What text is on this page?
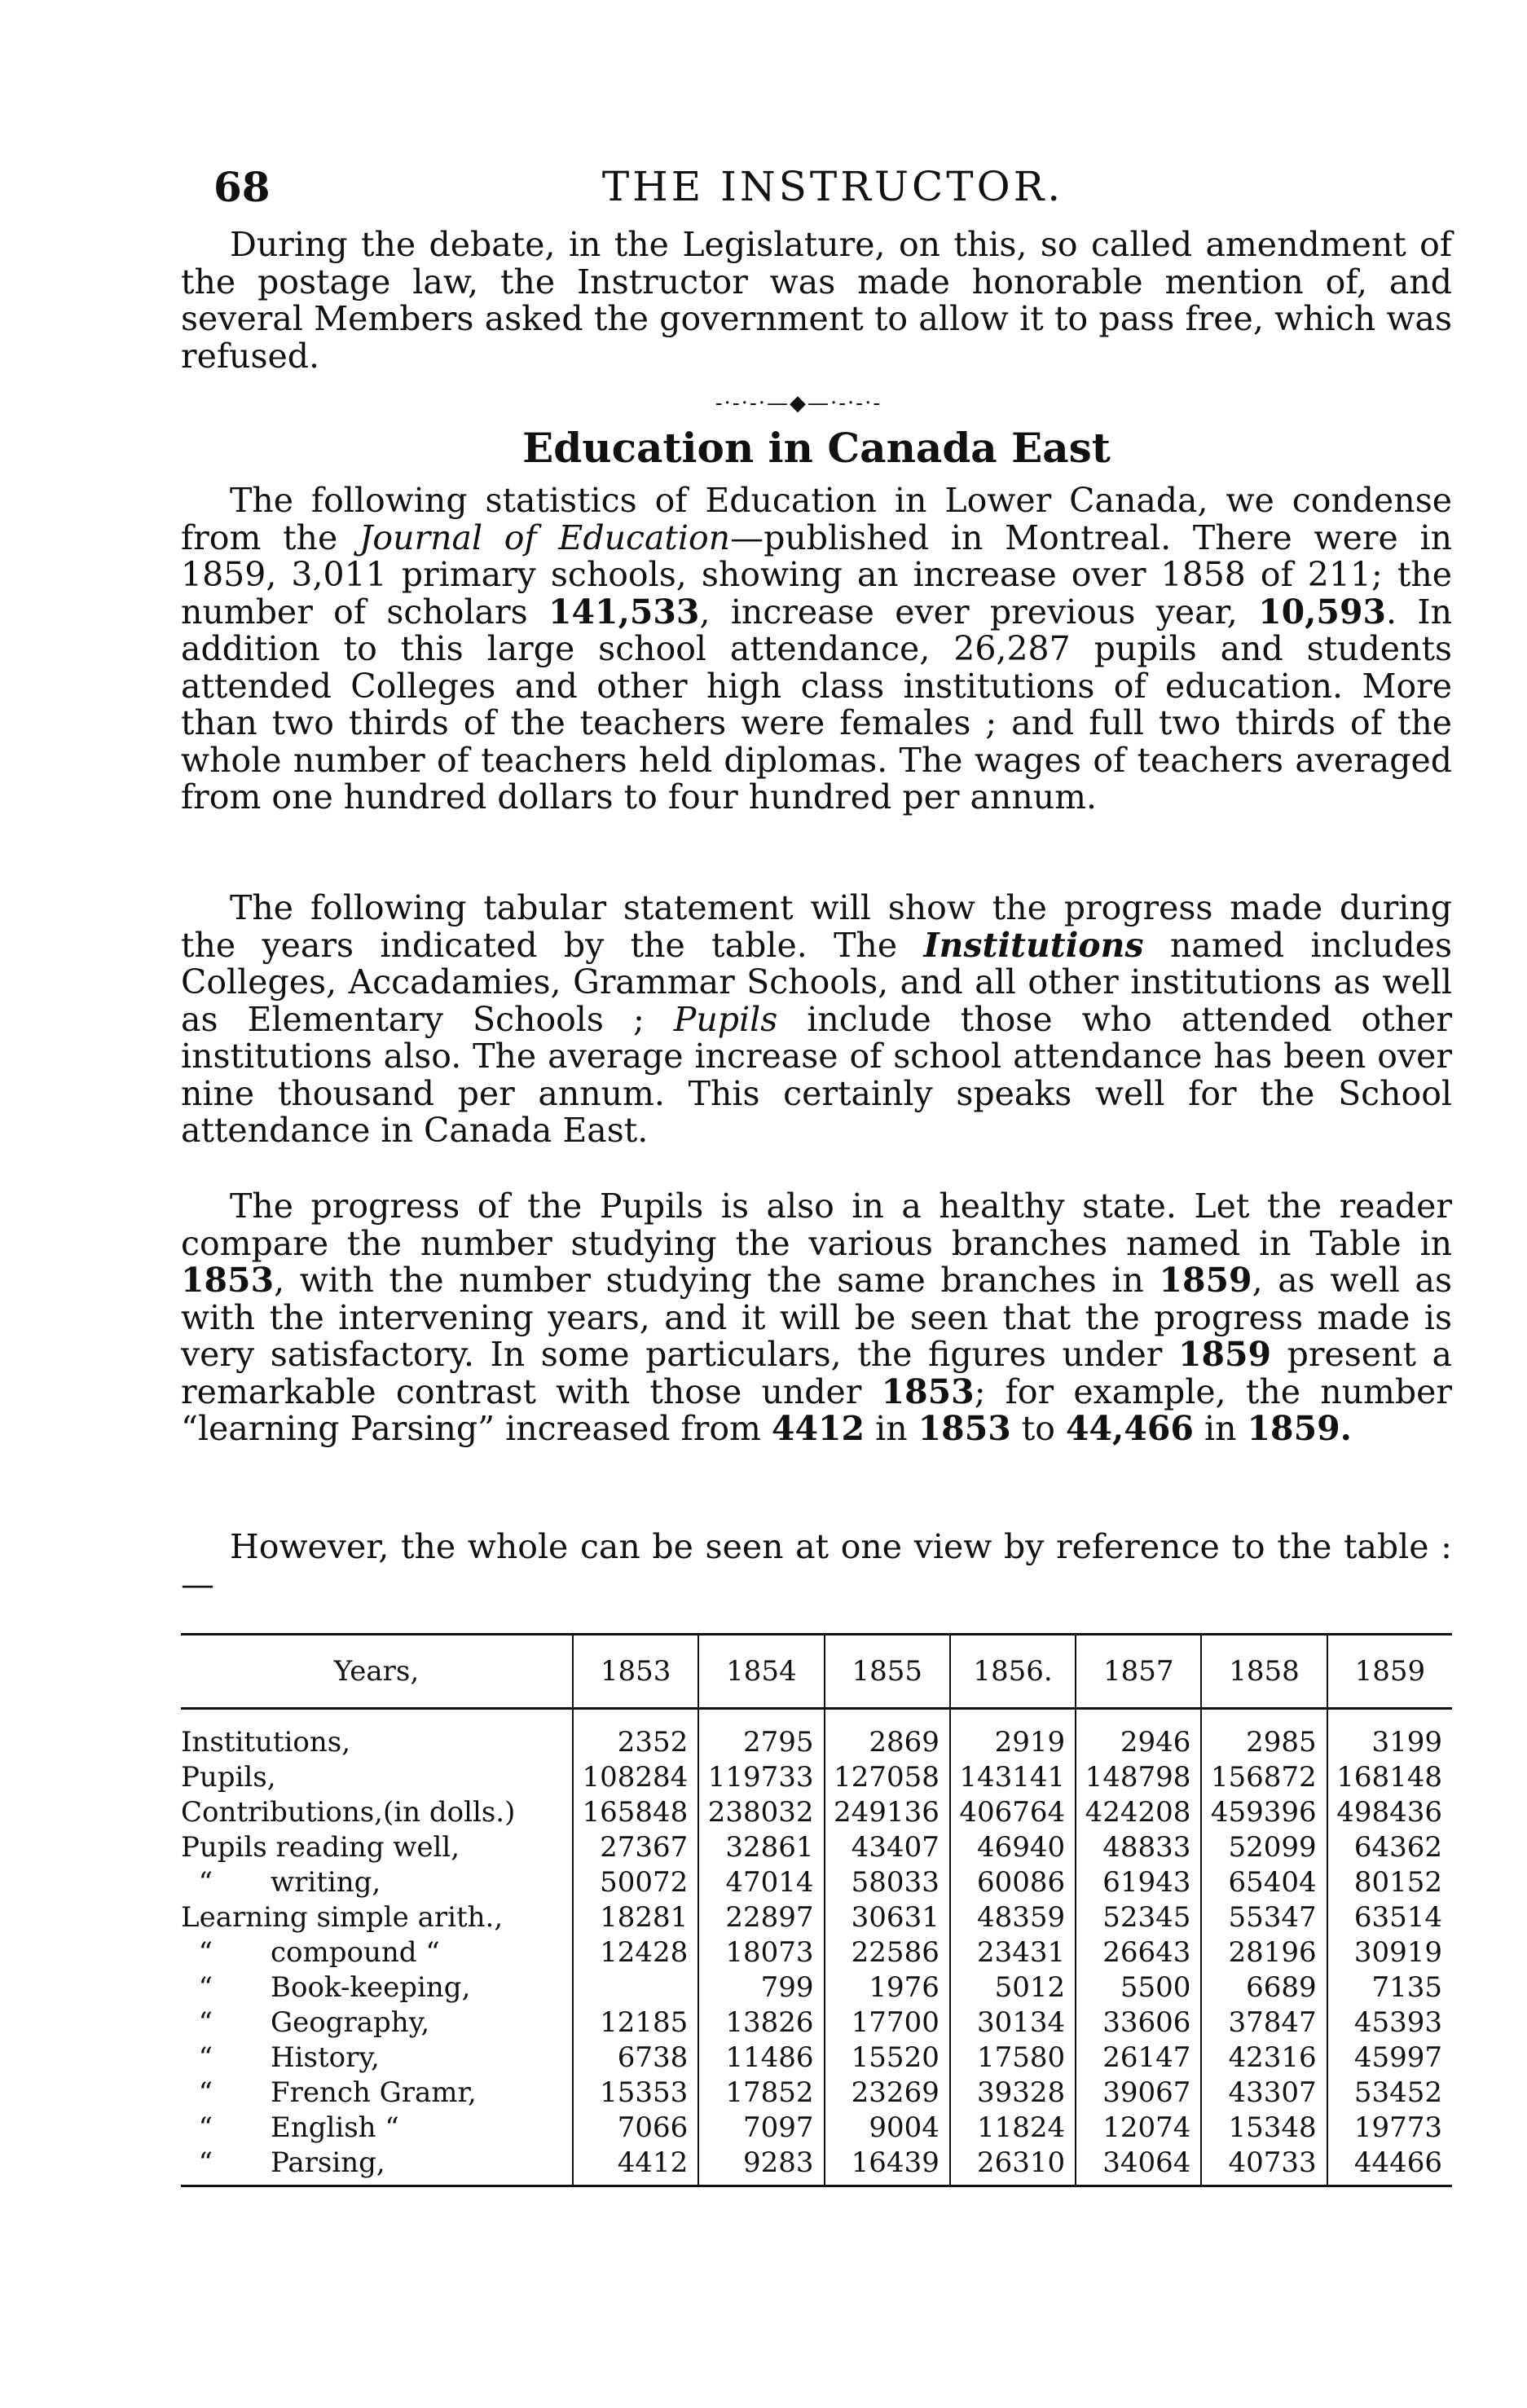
68	THE INSTRUCTOR.

During the debate, in the Legislature, on this, so called amendment of the postage law, the Instructor was made honorable mention of, and several Members asked the government to allow it to pass free, which was refused.

-·-·-·—◆—·-·-·-
Education in Canada East

The following statistics of Education in Lower Canada, we condense from the Journal of Education—published in Montreal. There were in 1859, 3,011 primary schools, showing an increase over 1858 of 211; the number of scholars 141,533, increase ever previous year, 10,593. In addition to this large school attendance, 26,287 pupils and students attended Colleges and other high class institutions of education. More than two thirds of the teachers were females ; and full two thirds of the whole number of teachers held diplomas. The wages of teachers averaged from one hundred dollars to four hundred per annum.

The following tabular statement will show the progress made during the years indicated by the table. The Institutions named includes Colleges, Accadamies, Grammar Schools, and all other institutions as well as Elementary Schools ; Pupils include those who attended other institutions also. The average increase of school attendance has been over nine thousand per annum. This certainly speaks well for the School attendance in Canada East.

The progress of the Pupils is also in a healthy state. Let the reader compare the number studying the various branches named in Table in 1853, with the number studying the same branches in 1859, as well as with the intervening years, and it will be seen that the progress made is very satisfactory. In some particulars, the figures under 1859 present a remarkable contrast with those under 1853; for example, the number “learning Parsing” increased from 4412 in 1853 to 44,466 in 1859.

However, the whole can be seen at one view by reference to the table :—

Years,	1853	1854	1855	1856.	1857	1858	1859
Institutions,	2352	2795	2869	2919	2946	2985	3199
Pupils,	108284	119733	127058	143141	148798	156872	168148
Contributions,(in dolls.)	165848	238032	249136	406764	424208	459396	498436
Pupils reading well,	27367	32861	43407	46940	48833	52099	64362
“ writing,	50072	47014	58033	60086	61943	65404	80152
Learning simple arith.,	18281	22897	30631	48359	52345	55347	63514
“ compound “	12428	18073	22586	23431	26643	28196	30919
“ Book-keeping,		799	1976	5012	5500	6689	7135
“ Geography,	12185	13826	17700	30134	33606	37847	45393
“ History,	6738	11486	15520	17580	26147	42316	45997
“ French Gramr,	15353	17852	23269	39328	39067	43307	53452
“ English “	7066	7097	9004	11824	12074	15348	19773
“ Parsing,	4412	9283	16439	26310	34064	40733	44466
